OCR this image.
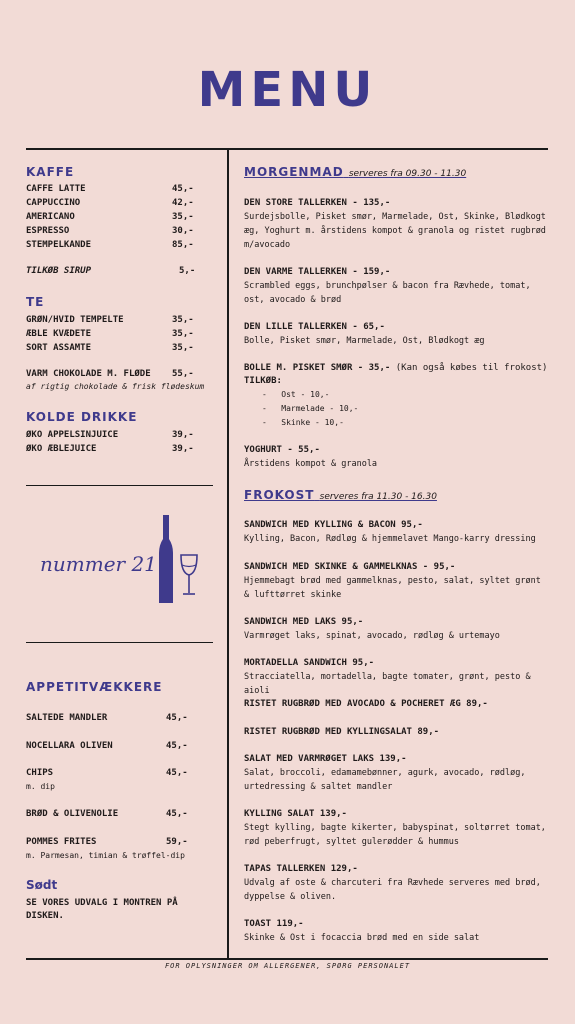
MENU
KAFFE
CAFFE LATTE	45,-
CAPPUCCINO	42,-
AMERICANO	35,-
ESPRESSO	30,-
STEMPELKANDE	85,-
TILKØB SIRUP	5,-
TE
GRØN/HVID TEMPELTE	35,-
ÆBLE KVÆDETE	35,-
SORT ASSAMTE	35,-
VARM CHOKOLADE M. FLØDE 55,-
af rigtig chokolade & frisk flødeskum
KOLDE DRIKKE
ØKO APPELSINJUICE	39,-
ØKO ÆBLEJUICE	39,-
nummer 21
APPETITVÆKKERE
SALTEDE MANDLER	45,-
NOCELLARA OLIVEN	45,-
CHIPS	45,-
m. dip
BRØD & OLIVENOLIE	45,-
POMMES FRITES	59,-
m. Parmesan, timian & trøffel-dip
Sødt
SE VORES UDVALG I MONTREN PÅ
DISKEN.
MORGENMAD serveres fra 09.30 - 11.30
DEN STORE TALLERKEN - 135,-
Surdejsbolle, Pisket smør, Marmelade, Ost, Skinke, Blødkogt æg, Yoghurt m. årstidens kompot & granola og ristet rugbrød m/avocado
DEN VARME TALLERKEN - 159,-
Scrambled eggs, brunchpølser & bacon fra Rævhede, tomat, ost, avocado & brød
DEN LILLE TALLERKEN - 65,-
Bolle, Pisket smør, Marmelade, Ost, Blødkogt æg
BOLLE M. PISKET SMØR - 35,- (Kan også købes til frokost)
TILKØB:
-   Ost - 10,-
-   Marmelade - 10,-
-   Skinke - 10,-
YOGHURT - 55,-
Årstidens kompot & granola
FROKOST serveres fra 11.30 - 16.30
SANDWICH MED KYLLING & BACON 95,-
Kylling, Bacon, Rødløg & hjemmelavet Mango-karry dressing
SANDWICH MED SKINKE & GAMMELKNAS - 95,-
Hjemmebagt brød med gammelknas, pesto, salat, syltet grønt & lufttørret skinke
SANDWICH MED LAKS 95,-
Varmrøget laks, spinat, avocado, rødløg & urtemayo
MORTADELLA SANDWICH 95,-
Stracciatella, mortadella, bagte tomater, grønt, pesto & aioli
RISTET RUGBRØD MED AVOCADO & POCHERET ÆG 89,-
RISTET RUGBRØD MED KYLLINGSALAT 89,-
SALAT MED VARMRØGET LAKS 139,-
Salat, broccoli, edamamebønner, agurk, avocado, rødløg, urtedressing & saltet mandler
KYLLING SALAT 139,-
Stegt kylling, bagte kikerter, babyspinat, soltørret tomat, rød peberfrugt, syltet gulerødder & hummus
TAPAS TALLERKEN 129,-
Udvalg af oste & charcuteri fra Rævhede serveres med brød, dyppelse & oliven.
TOAST 119,-
Skinke & Ost i focaccia brød med en side salat
FOR OPLYSNINGER OM ALLERGENER, SPØRG PERSONALET
